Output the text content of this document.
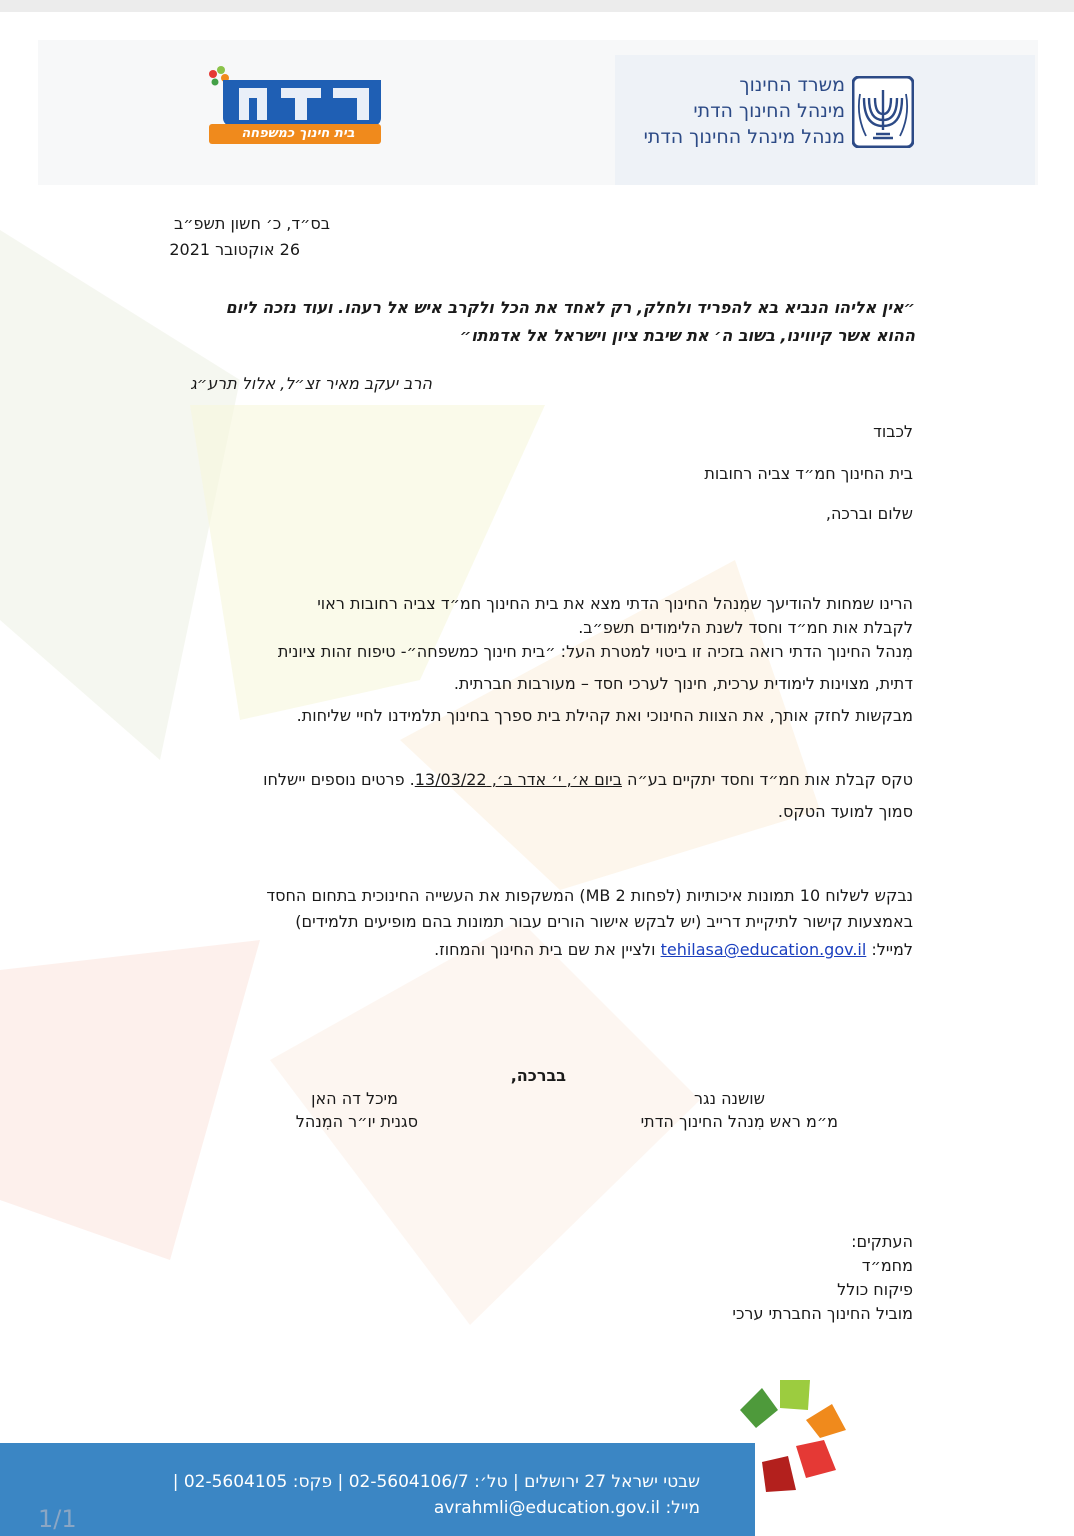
משרד החינוך
מינהל החינוך הדתי
מנהל מינהל החינוך הדתי
בית חינוך כמשפחה
בס״ד, כ׳ חשון תשפ״ב
26 אוקטובר 2021
״אין אליהו הנביא בא להפריד ולחלק, רק לאחד את הכל ולקרב איש אל רעהו. ועוד נזכה ליום
ההוא אשר קיווינו, בשוב ה׳ את שיבת ציון וישראל אל אדמתו״
הרב יעקב מאיר זצ״ל, אלול תרע״ג
לכבוד
בית החינוך חמ״ד צביה רחובות
שלום וברכה,
הרינו שמחות להודיעך שמִנהל החינוך הדתי מצא את בית החינוך חמ״ד צביה רחובות ראוי
לקבלת אות חמ״ד וחסד לשנת הלימודים תשפ״ב.
מִנהל החינוך הדתי רואה בזכיה זו ביטוי למטרת העל: ״בית חינוך כמשפחה״- טיפוח זהות ציונית
דתית, מצוינות לימודית ערכית, חינוך לערכי חסד – מעורבות חברתית.
מבקשות לחזק אותך, את הצוות החינוכי ואת קהילת בית ספרך בחינוך תלמידנו לחיי שליחות.
טקס קבלת אות חמ״ד וחסד יתקיים בע״ה ביום א׳, י׳ אדר ב׳, 13/03/22. פרטים נוספים יישלחו
סמוך למועד הטקס.
נבקש לשלוח 10 תמונות איכותיות (לפחות 2 MB) המשקפות את העשייה החינוכית בתחום החסד
באמצעות קישור לתיקיית דרייב (יש לבקש אישור הורים עבור תמונות בהם מופיעים תלמידים)
למייל: tehilasa@education.gov.il ולציין את שם בית החינוך והמחוז.
בברכה,
שושנה נגר
מ״מ ראש מִנהל החינוך הדתי
מיכל דה האן
סגנית יו״ר המִנהל
העתקים:
מחמ״ד
פיקוח כולל
מוביל החינוך החברתי ערכי
שבטי ישראל 27 ירושלים | טל׳: 02-5604106/7 | פקס: 02-5604105 |
מייל: avrahmli@education.gov.il
1/1
